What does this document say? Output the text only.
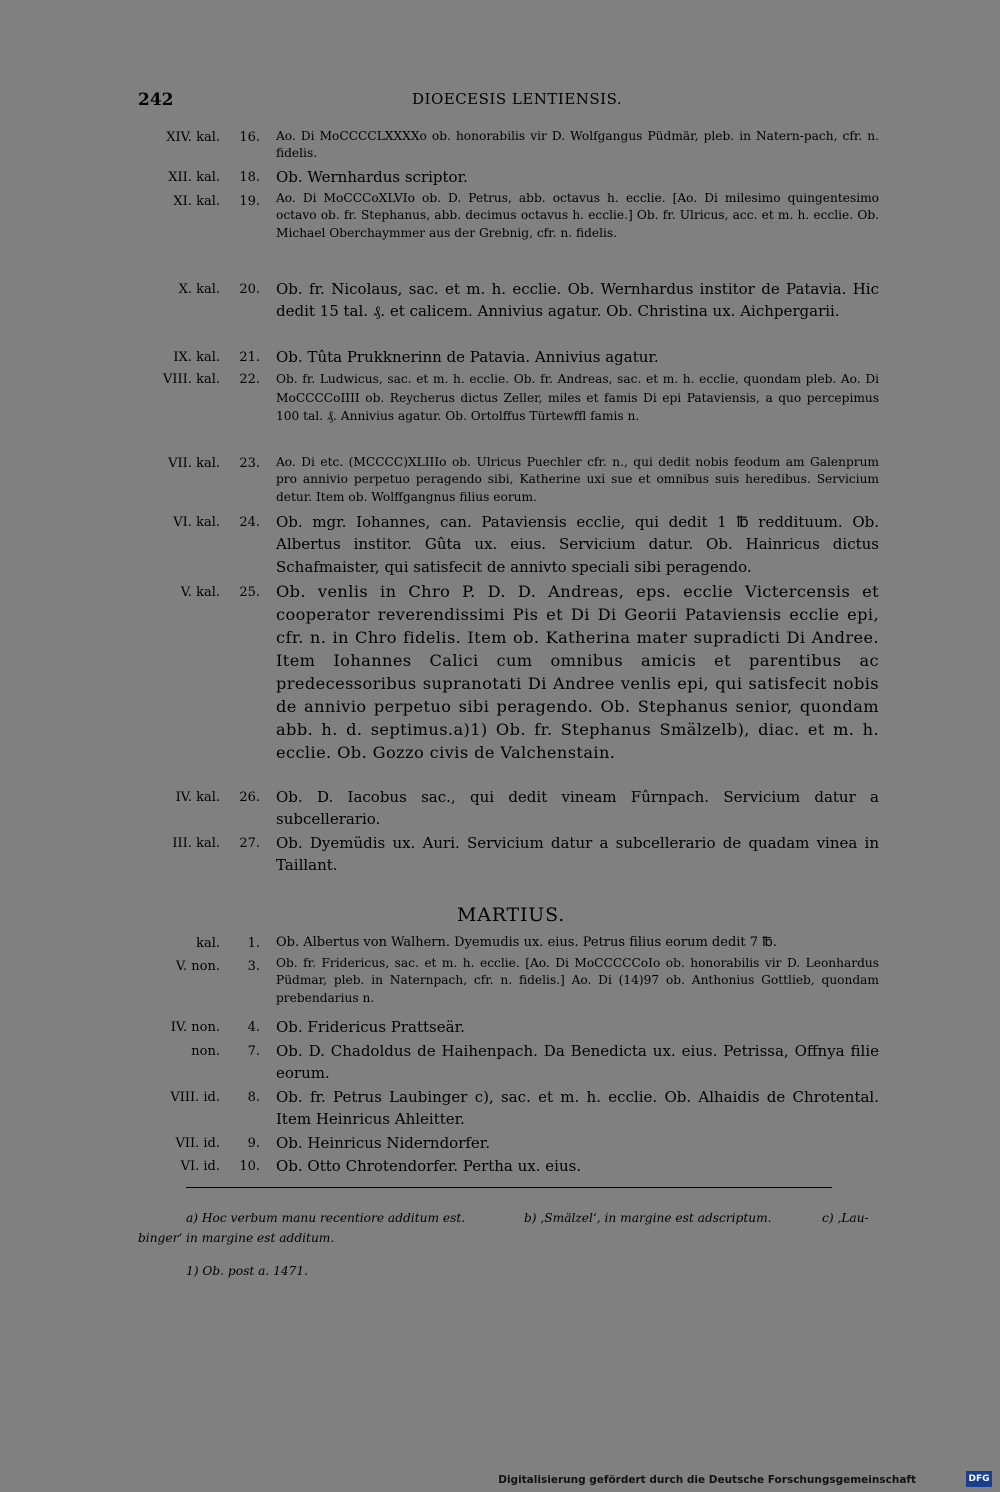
242	DIOECESIS LENTIENSIS.
XIV. kal.	16. Ao. Di MoCCCCLXXXXo ob. honorabilis vir D. Wolfgangus Püdmär, pleb. in Natern-pach, cfr. n. fidelis.
XII. kal.	18. Ob. Wernhardus scriptor.
XI. kal.	19. Ao. Di MoCCCoXLVIo ob. D. Petrus, abb. octavus h. ecclie. [Ao. Di milesimo quingentesimo octavo ob. fr. Stephanus, abb. decimus octavus h. ecclie.] Ob. fr. Ulricus, acc. et m. h. ecclie. Ob. Michael Oberchaymmer aus der Grebnig, cfr. n. fidelis.
X. kal.	20. Ob. fr. Nicolaus, sac. et m. h. ecclie. Ob. Wernhardus institor de Patavia. Hic dedit 15 tal. ₰. et calicem. Annivius agatur. Ob. Christina ux. Aichpergarii.
IX. kal.	21. Ob. Tûta Prukknerinn de Patavia. Annivius agatur.
VIII. kal.	22. Ob. fr. Ludwicus, sac. et m. h. ecclie. Ob. fr. Andreas, sac. et m. h. ecclie, quondam pleb. Ao. Di MoCCCCoIIII ob. Reycherus dictus Zeller, miles et famis Di epi Pataviensis, a quo percepimus 100 tal. ₰. Annivius agatur. Ob. Ortolffus Türtewffl famis n.
VII. kal.	23. Ao. Di etc. (MCCCC)XLIIIo ob. Ulricus Puechler cfr. n., qui dedit nobis feodum am Galenprum pro annivio perpetuo peragendo sibi, Katherine uxi sue et omnibus suis heredibus. Servicium detur. Item ob. Wolffgangnus filius eorum.
VI. kal.	24. Ob. mgr. Iohannes, can. Pataviensis ecclie, qui dedit 1 ℔ reddituum. Ob. Albertus institor. Gûta ux. eius. Servicium datur. Ob. Hainricus dictus Schafmaister, qui satisfecit de annivto speciali sibi peragendo.
V. kal.	25. Ob. venlis in Chro P. D. D. Andreas, eps. ecclie Victercensis et cooperator reverendissimi Pis et Di Di Georii Pataviensis ecclie epi, cfr. n. in Chro fidelis. Item ob. Katherina mater supradicti Di Andree. Item Iohannes Calici cum omnibus amicis et parentibus ac predecessoribus supranotati Di Andree venlis epi, qui satisfecit nobis de annivio perpetuo sibi peragendo. Ob. Stephanus senior, quondam abb. h. d. septimus.a)1) Ob. fr. Stephanus Smälzelb), diac. et m. h. ecclie. Ob. Gozzo civis de Valchenstain.
IV. kal.	26. Ob. D. Iacobus sac., qui dedit vineam Fûrnpach. Servicium datur a subcellerario.
III. kal.	27. Ob. Dyemüdis ux. Auri. Servicium datur a subcellerario de quadam vinea in Taillant.
MARTIUS.
kal.	1. Ob. Albertus von Walhern. Dyemudis ux. eius. Petrus filius eorum dedit 7 ℔.
V. non.	3. Ob. fr. Fridericus, sac. et m. h. ecclie. [Ao. Di MoCCCCCoIo ob. honorabilis vir D. Leonhardus Püdmar, pleb. in Naternpach, cfr. n. fidelis.] Ao. Di (14)97 ob. Anthonius Gottlieb, quondam prebendarius n.
IV. non.	4. Ob. Fridericus Prattseär.
non.	7. Ob. D. Chadoldus de Haihenpach. Da Benedicta ux. eius. Petrissa, Offnya filie eorum.
VIII. id.	8. Ob. fr. Petrus Laubinger c), sac. et m. h. ecclie. Ob. Alhaidis de Chrotental. Item Heinricus Ahleitter.
VII. id.	9. Ob. Heinricus Niderndorfer.
VI. id.	10. Ob. Otto Chrotendorfer. Pertha ux. eius.
a) Hoc verbum manu recentiore additum est.	b) ‚Smälzel‘, in margine est adscriptum.	c) ‚Lau-
binger‘ in margine est additum.
1) Ob. post a. 1471.
Digitalisierung gefördert durch die Deutsche Forschungsgemeinschaft	DFG
